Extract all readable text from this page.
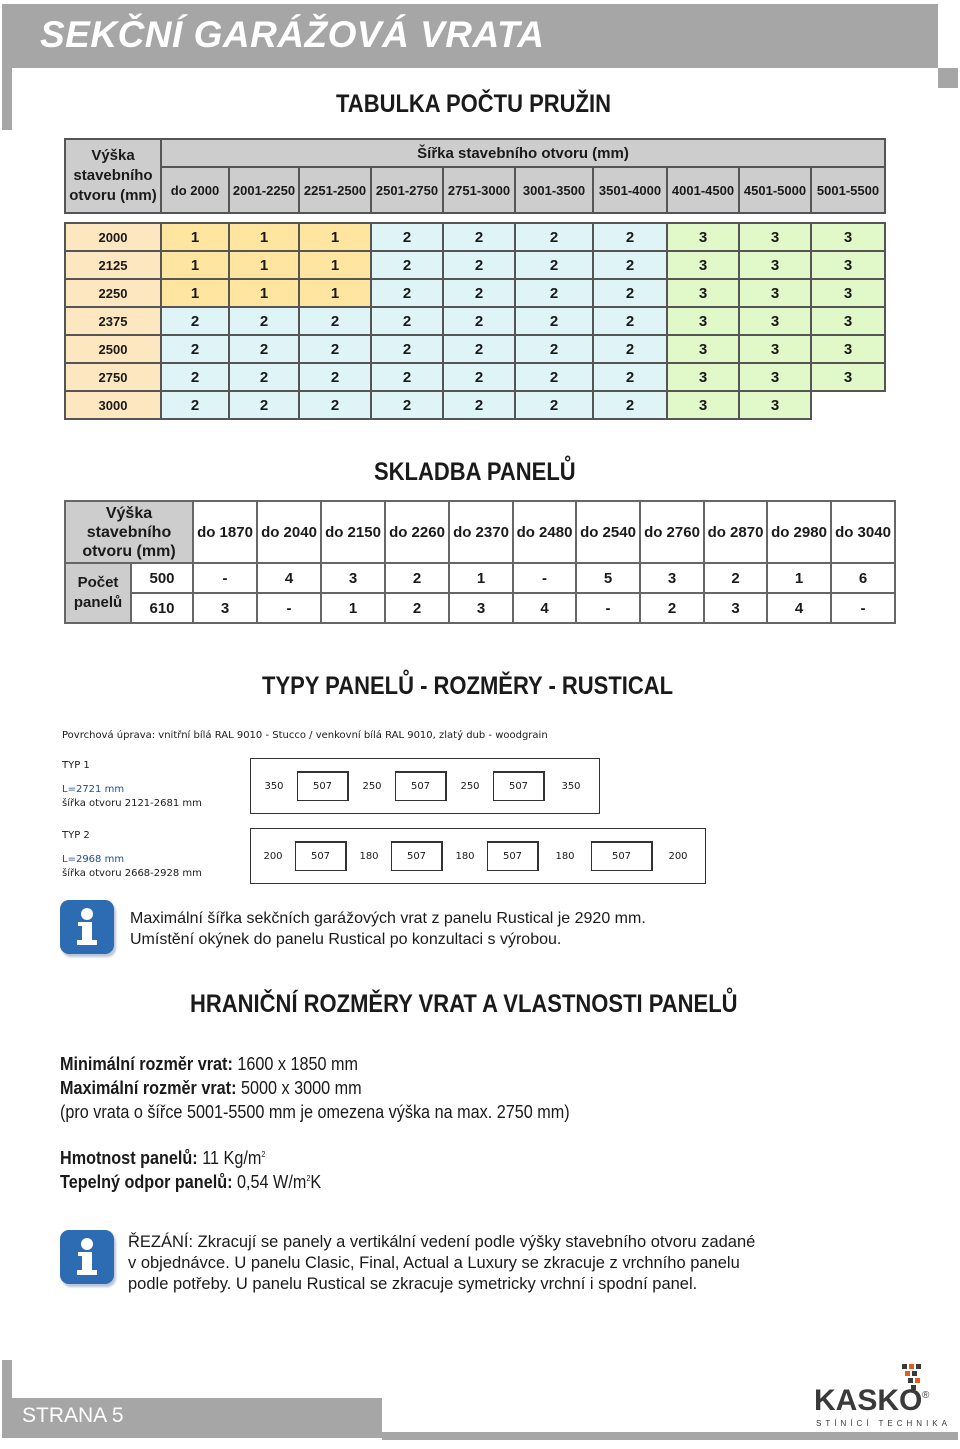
SEKČNÍ GARÁŽOVÁ VRATA
TABULKA POČTU PRUŽIN
Výška
stavebního
otvoru (mm)	Šířka stavebního otvoru (mm)									
	do 2000	2001-2250	2251-2500	2501-2750	2751-3000	3001-3500	3501-4000	4001-4500	4501-5000	5001-5500

2000	1	1	1	2	2	2	2	3	3	3
2125	1	1	1	2	2	2	2	3	3	3
2250	1	1	1	2	2	2	2	3	3	3
2375	2	2	2	2	2	2	2	3	3	3
2500	2	2	2	2	2	2	2	3	3	3
2750	2	2	2	2	2	2	2	3	3	3
3000	2	2	2	2	2	2	2	3	3	
SKLADBA PANELŮ
Výška
stavebního
otvoru (mm)		do 1870	do 2040	do 2150	do 2260	do 2370	do 2480	do 2540	do 2760	do 2870	do 2980	do 3040
Počet
panelů	500	-	4	3	2	1	-	5	3	2	1	6
	610	3	-	1	2	3	4	-	2	3	4	-
TYPY PANELŮ - ROZMĚRY - RUSTICAL
Povrchová úprava: vnitřní bílá RAL 9010 - Stucco / venkovní bílá RAL 9010, zlatý dub - woodgrain
TYP 1
L=2721 mm
šířka otvoru 2121-2681 mm
350	507	250	507	250	507	350
TYP 2
L=2968 mm
šířka otvoru 2668-2928 mm
200	507	180	507	180	507	180	507	200
Maximální šířka sekčních garážových vrat z panelu Rustical je 2920 mm.
Umístění okýnek do panelu Rustical po konzultaci s výrobou.
HRANIČNÍ ROZMĚRY VRAT A VLASTNOSTI PANELŮ
Minimální rozměr vrat: 1600 x 1850 mm
Maximální rozměr vrat: 5000 x 3000 mm
(pro vrata o šířce 5001-5500 mm je omezena výška na max. 2750 mm)
Hmotnost panelů: 11 $Kg/m^2$
Tepelný odpor panelů: 0,54 $W/m^2K$
ŘEZÁNÍ: Zkracují se panely a vertikální vedení podle výšky stavebního otvoru zadané
v objednávce. U panelu Clasic, Final, Actual a Luxury se zkracuje z vrchního panelu
podle potřeby. U panelu Rustical se zkracuje symetricky vrchní i spodní panel.
STRANA 5	KASKO ®
STÍNÍCÍ TECHNIKA
